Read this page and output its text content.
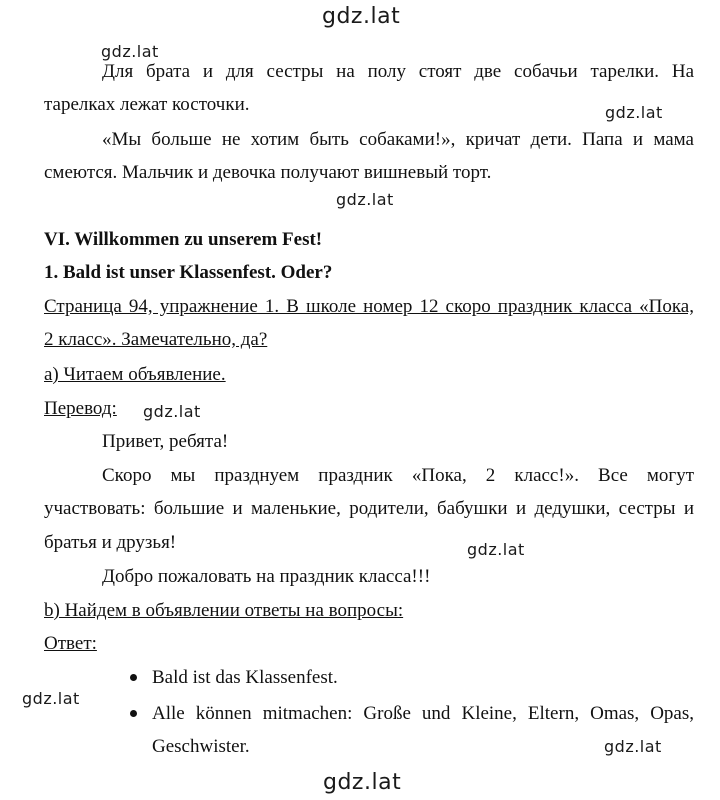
gdz.lat
gdz.lat
gdz.lat
gdz.lat
gdz.lat
gdz.lat
gdz.lat
gdz.lat
gdz.lat
Для брата и для сестры на полу стоят две собачьи тарелки. На
тарелках лежат косточки.
«Мы больше не хотим быть собаками!», кричат дети. Папа и мама
смеются. Мальчик и девочка получают вишневый торт.
VI. Willkommen zu unserem Fest!
1. Bald ist unser Klassenfest. Oder?
Страница 94, упражнение 1. В школе номер 12 скоро праздник класса «Пока,
2 класс». Замечательно, да?
а) Читаем объявление.
Перевод:
Привет, ребята!
Скоро мы празднуем праздник «Пока, 2 класс!». Все могут
участвовать: большие и маленькие, родители, бабушки и дедушки, сестры и
братья и друзья!
Добро пожаловать на праздник класса!!!
b) Найдем в объявлении ответы на вопросы:
Ответ:
Bald ist das Klassenfest.
Alle können mitmachen: Große und Kleine, Eltern, Omas, Opas,
Geschwister.
